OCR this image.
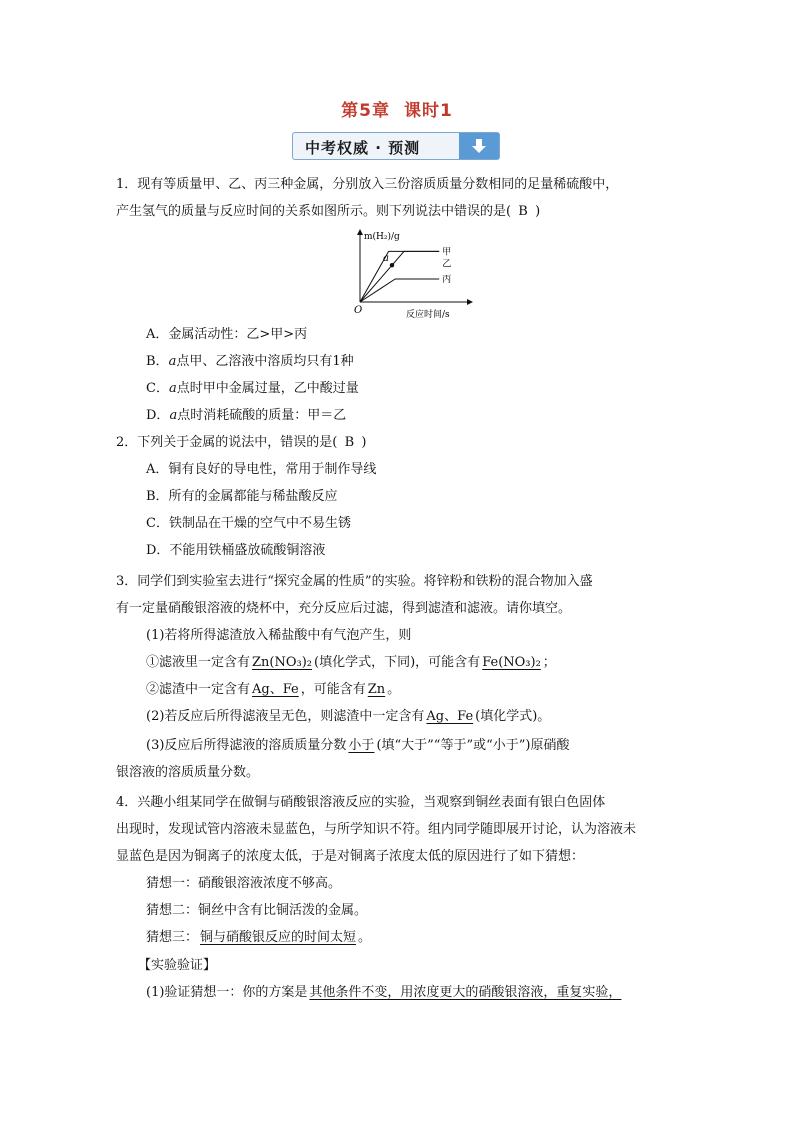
第5章 课时1
中考权威 · 预测
1．现有等质量甲、乙、丙三种金属，分别放入三份溶质质量分数相同的足量稀硫酸中，
产生氢气的质量与反应时间的关系如图所示。则下列说法中错误的是( B )
m(H₂)/g
反应时间/s
O
甲
乙
丙
a
A．金属活动性：乙>甲>丙
B．a点甲、乙溶液中溶质均只有1种
C．a点时甲中金属过量，乙中酸过量
D．a点时消耗硫酸的质量：甲＝乙
2．下列关于金属的说法中，错误的是( B )
A．铜有良好的导电性，常用于制作导线
B．所有的金属都能与稀盐酸反应
C．铁制品在干燥的空气中不易生锈
D．不能用铁桶盛放硫酸铜溶液
3．同学们到实验室去进行“探究金属的性质”的实验。将锌粉和铁粉的混合物加入盛
有一定量硝酸银溶液的烧杯中，充分反应后过滤，得到滤渣和滤液。请你填空。
(1)若将所得滤渣放入稀盐酸中有气泡产生，则
①滤液里一定含有 Zn(NO₃)₂ (填化学式，下同)，可能含有 Fe(NO₃)₂ ；
②滤渣中一定含有 Ag、Fe ，可能含有 Zn 。
(2)若反应后所得滤液呈无色，则滤渣中一定含有 Ag、Fe (填化学式)。
(3)反应后所得滤液的溶质质量分数 小于 (填“大于”“等于”或“小于”)原硝酸
银溶液的溶质质量分数。
4．兴趣小组某同学在做铜与硝酸银溶液反应的实验，当观察到铜丝表面有银白色固体
出现时，发现试管内溶液未显蓝色，与所学知识不符。组内同学随即展开讨论，认为溶液未
显蓝色是因为铜离子的浓度太低，于是对铜离子浓度太低的原因进行了如下猜想：
猜想一：硝酸银溶液浓度不够高。
猜想二：铜丝中含有比铜活泼的金属。
猜想三： 铜与硝酸银反应的时间太短 。
【实验验证】
(1)验证猜想一：你的方案是 其他条件不变，用浓度更大的硝酸银溶液，重复实验，
